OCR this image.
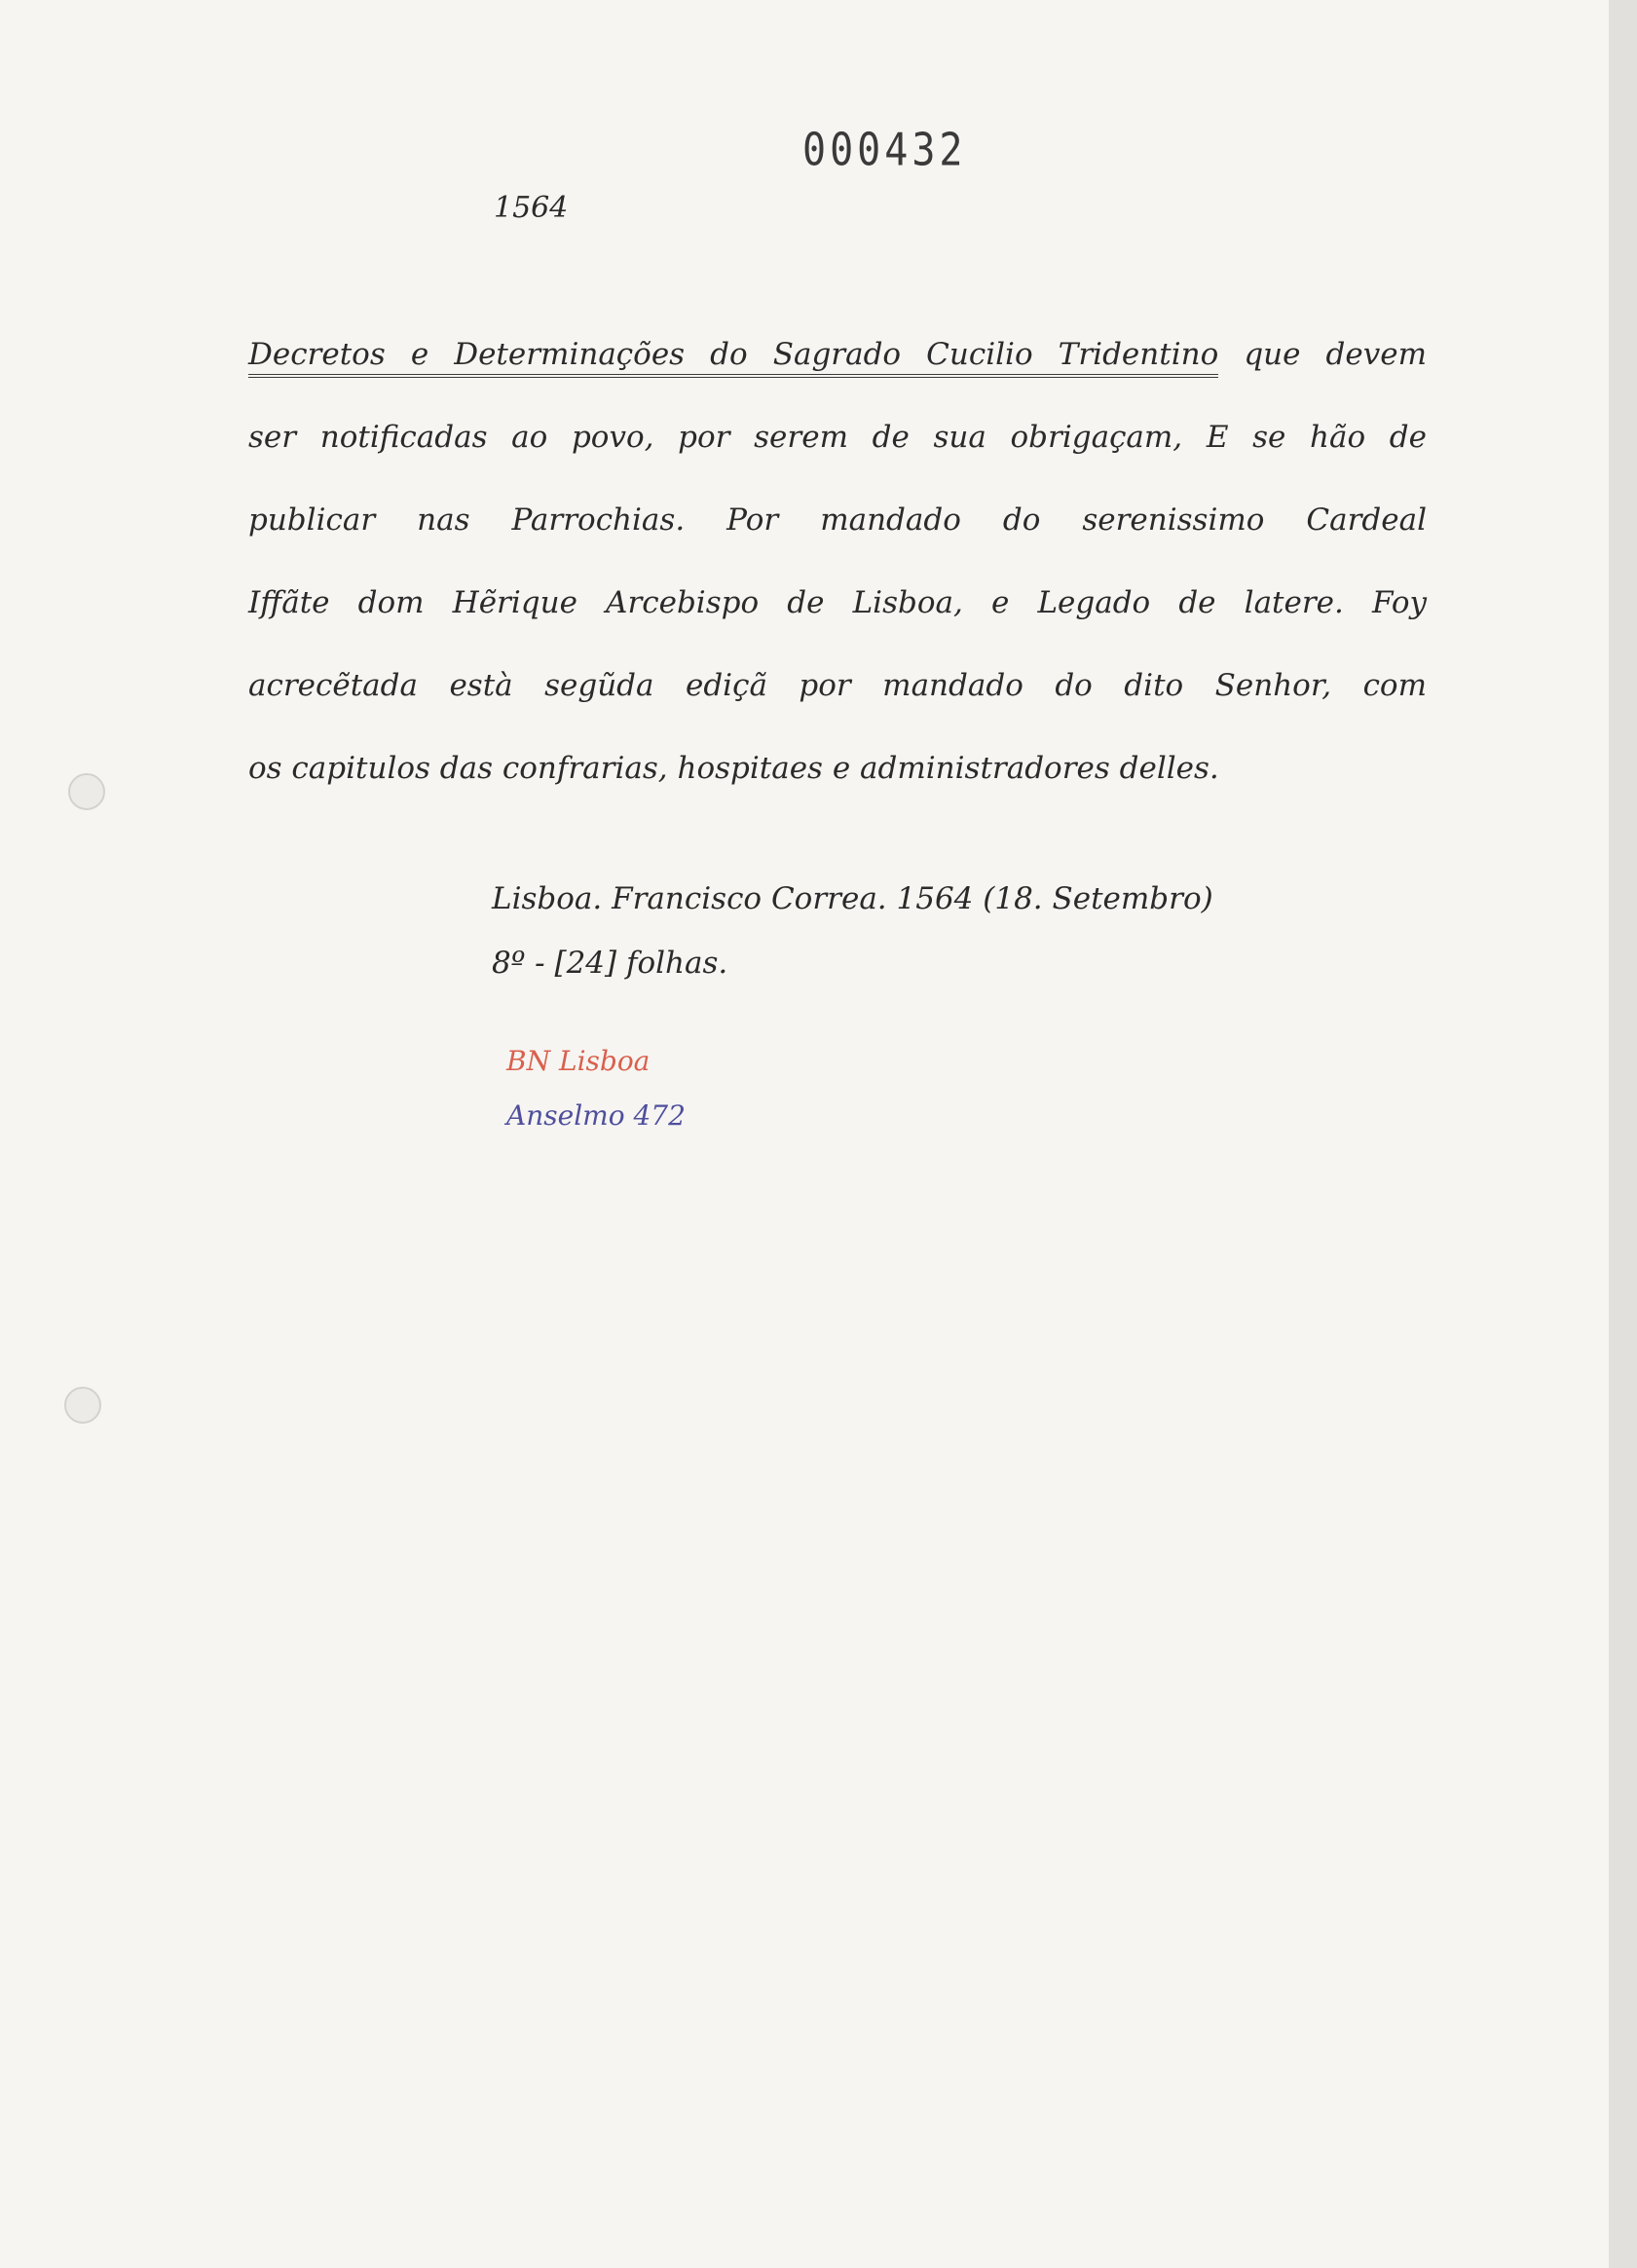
000432
1564
Decretos e Determinações do Sagrado Cucilio Tridentino que devem
ser notificadas ao povo, por serem de sua obrigaçam, E se hão de
publicar nas Parrochias. Por mandado do serenissimo Cardeal
Iffãte dom Hẽrique Arcebispo de Lisboa, e Legado de latere. Foy
acrecẽtada està segũda ediçã por mandado do dito Senhor, com
os capitulos das confrarias, hospitaes e administradores delles.
Lisboa. Francisco Correa. 1564 (18. Setembro)
8º - [24] folhas.
BN Lisboa
Anselmo 472
